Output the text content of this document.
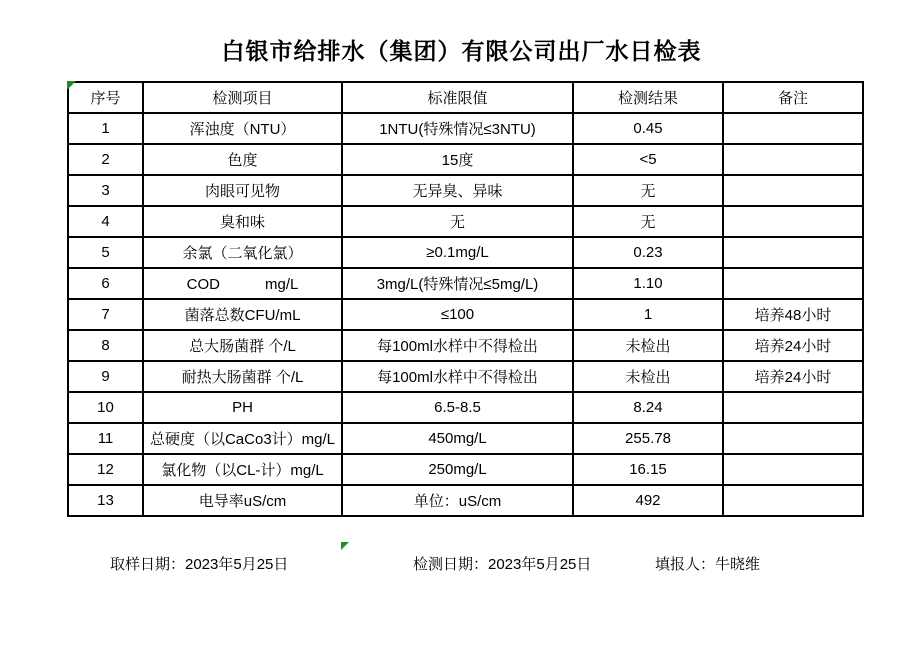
白银市给排水（集团）有限公司出厂水日检表
序号	检测项目	标准限值	检测结果	备注
1	浑浊度（NTU）	1NTU(特殊情况≤3NTU)	0.45	
2	色度	15度	<5	
3	肉眼可见物	无异臭、异味	无	
4	臭和味	无	无	
5	余氯（二氧化氯）	≥0.1mg/L	0.23	
6	COD　　　mg/L	3mg/L(特殊情况≤5mg/L)	1.10	
7	菌落总数CFU/mL	≤100	1	培养48小时
8	总大肠菌群 个/L	每100ml水样中不得检出	未检出	培养24小时
9	耐热大肠菌群 个/L	每100ml水样中不得检出	未检出	培养24小时
10	PH	6.5-8.5	8.24	
11	总硬度（以CaCo3计）mg/L	450mg/L	255.78	
12	氯化物（以CL-计）mg/L	250mg/L	16.15	
13	电导率uS/cm	单位：uS/cm	492	
取样日期：2023年5月25日	检测日期：2023年5月25日	填报人：牛晓维
